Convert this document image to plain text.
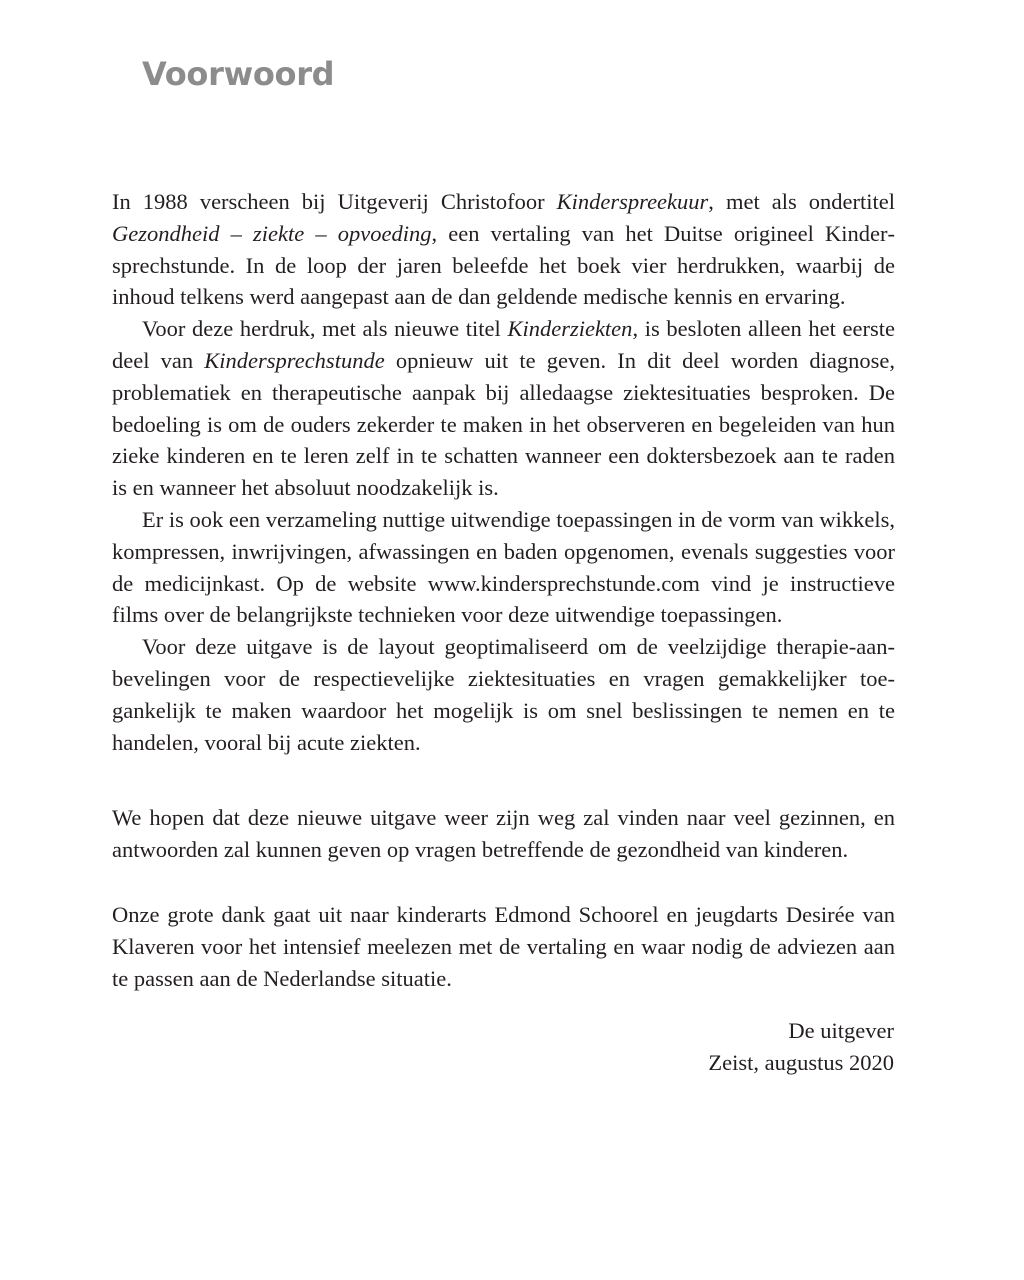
Voorwoord

In 1988 verscheen bij Uitgeverij Christofoor Kinderspreekuur, met als ondertitel Gezondheid – ziekte – opvoeding, een vertaling van het Duitse origineel Kindersprechstunde. In de loop der jaren beleefde het boek vier herdrukken, waarbij de inhoud telkens werd aangepast aan de dan geldende medische kennis en ervaring.

Voor deze herdruk, met als nieuwe titel Kinderziekten, is besloten alleen het eerste deel van Kindersprechstunde opnieuw uit te geven. In dit deel worden diagnose, problematiek en therapeutische aanpak bij alledaagse ziektesituaties besproken. De bedoeling is om de ouders zekerder te maken in het observeren en begeleiden van hun zieke kinderen en te leren zelf in te schatten wanneer een doktersbezoek aan te raden is en wanneer het absoluut noodzakelijk is.

Er is ook een verzameling nuttige uitwendige toepassingen in de vorm van wikkels, kompressen, inwrijvingen, afwassingen en baden opgenomen, evenals suggesties voor de medicijnkast. Op de website www.kindersprechstunde.com vind je instructieve films over de belangrijkste technieken voor deze uitwendige toepassingen.

Voor deze uitgave is de layout geoptimaliseerd om de veelzijdige therapie-aanbevelingen voor de respectievelijke ziektesituaties en vragen gemakkelijker toegankelijk te maken waardoor het mogelijk is om snel beslissingen te nemen en te handelen, vooral bij acute ziekten.

We hopen dat deze nieuwe uitgave weer zijn weg zal vinden naar veel gezinnen, en antwoorden zal kunnen geven op vragen betreffende de gezondheid van kinderen.

Onze grote dank gaat uit naar kinderarts Edmond Schoorel en jeugdarts Desirée van Klaveren voor het intensief meelezen met de vertaling en waar nodig de adviezen aan te passen aan de Nederlandse situatie.

De uitgever
Zeist, augustus 2020
